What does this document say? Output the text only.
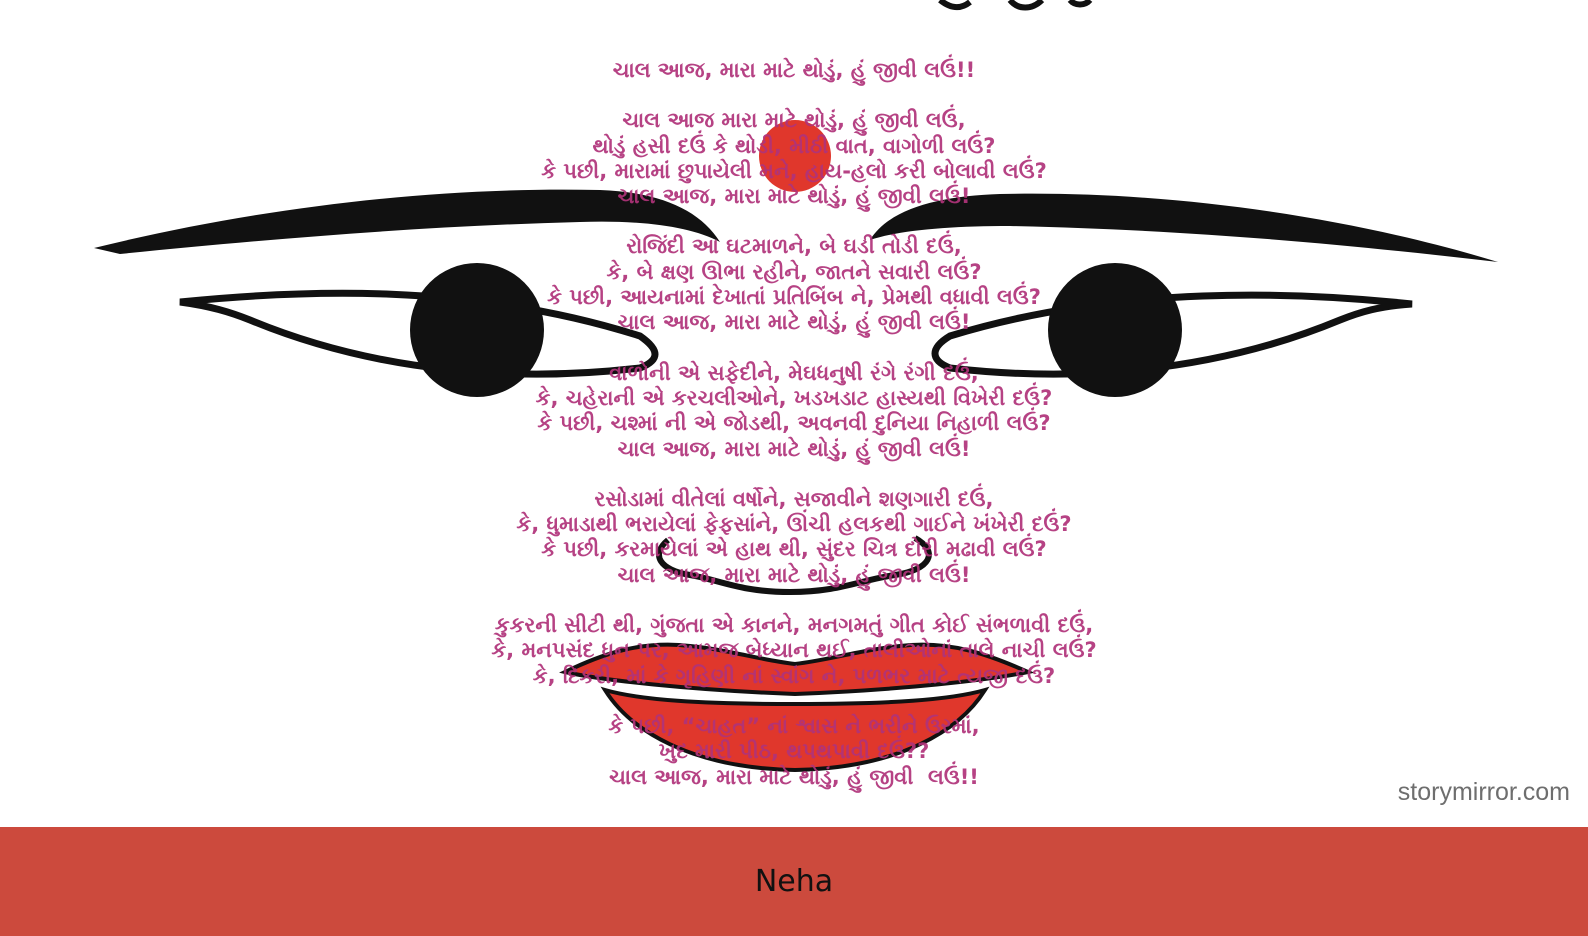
ચાલ આજ, મારા માટે થોડું, હું જીવી લઉં!!
ચાલ આજ મારા માટે થોડું, હું જીવી લઉં,
થોડું હસી દઉં કે થોડી, મીઠી વાત, વાગોળી લઉં?
કે પછી, મારામાં છુપાયેલી મને, હાય-હલો કરી બોલાવી લઉં?
ચાલ આજ, મારા માટે થોડું, હું જીવી લઉં!
રોજિંદી આ ઘટમાળને, બે ઘડી તોડી દઉં,
કે, બે ક્ષણ ઊભા રહીને, જાતને સવારી લઉં?
કે પછી, આયનામાં દેખાતાં પ્રતિબિંબ ને, પ્રેમથી વધાવી લઉં?
ચાલ આજ, મારા માટે થોડું, હું જીવી લઉં!
વાળોની એ સફેદીને, મેઘધનુષી રંગે રંગી દઉં,
કે, ચહેરાની એ કરચલીઓને, ખડખડાટ હાસ્યથી વિખેરી દઉં?
કે પછી, ચશ્માં ની એ જોડથી, અવનવી દુનિયા નિહાળી લઉં?
ચાલ આજ, મારા માટે થોડું, હું જીવી લઉં!
રસોડામાં વીતેલાં વર્ષોને, સજાવીને શણગારી દઉં,
કે, ધુમાડાથી ભરાયેલાં ફેફસાંને, ઊંચી હલકથી ગાઈને ખંખેરી દઉં?
કે પછી, કરમાયેલાં એ હાથ થી, સુંદર ચિત્ર દોરી મઢાવી લઉં?
ચાલ આજ, મારા માટે થોડું, હું જીવી લઉં!
કુકરની સીટી થી, ગુંજતા એ કાનને, મનગમતું ગીત કોઈ સંભળાવી દઉં,
કે, મનપસંદ ધુન પર, આમજ બેધ્યાન થઈ, તાલીઓનાં તાલે નાચી લઉં?
કે, દિકરી, માં કે ગૃહિણી નાં સ્વાંગ ને, પળભર માટે ત્યજી દઉં?
કે પછી, “ચાહત” નાં શ્વાસ ને ભરીને ઉરમાં,
ખુદ મારી પીઠ, થપથપાવી દઉં??
ચાલ આજ, મારા માટે થોડું, હું જીવી  લઉં!!
storymirror.com
Neha
